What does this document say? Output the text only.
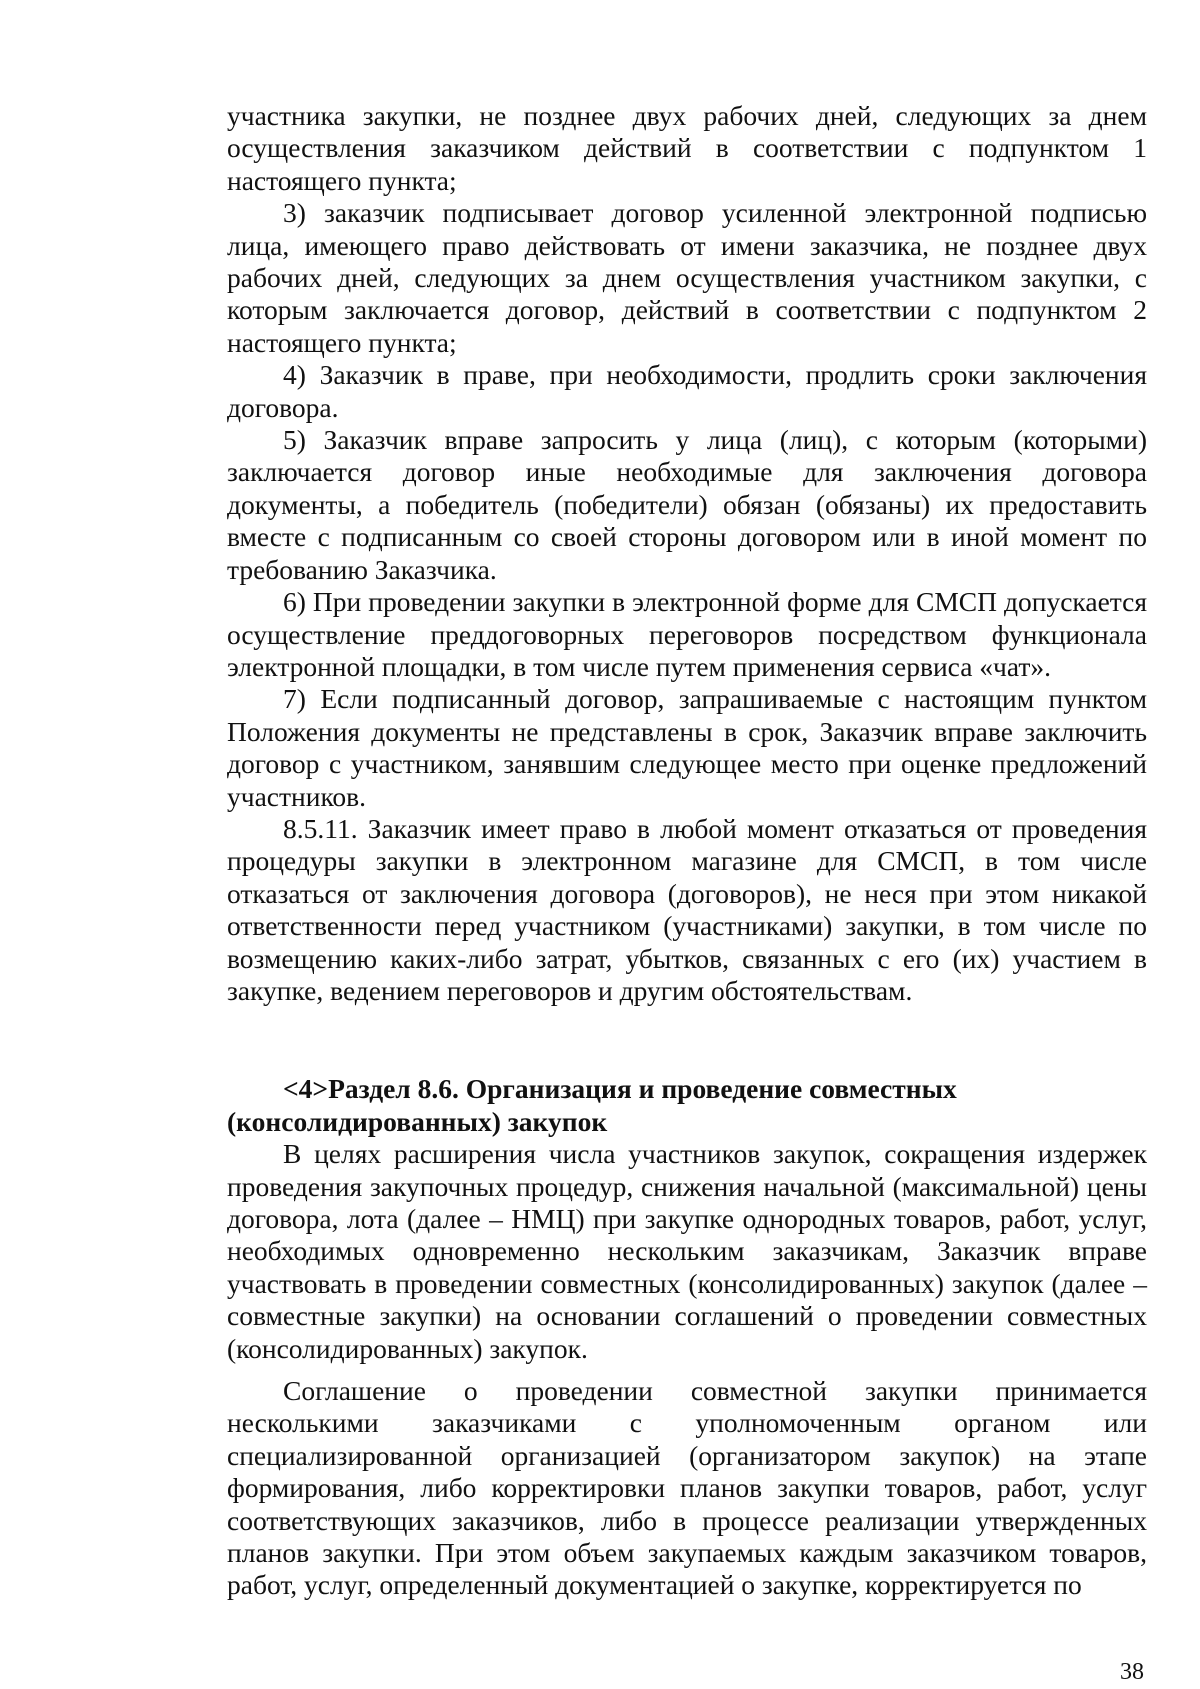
участника закупки, не позднее двух рабочих дней, следующих за днем осуществления заказчиком действий в соответствии с подпунктом 1 настоящего пункта;

3) заказчик подписывает договор усиленной электронной подписью лица, имеющего право действовать от имени заказчика, не позднее двух рабочих дней, следующих за днем осуществления участником закупки, с которым заключается договор, действий в соответствии с подпунктом 2 настоящего пункта;

4) Заказчик в праве, при необходимости, продлить сроки заключения договора.

5) Заказчик вправе запросить у лица (лиц), с которым (которыми) заключается договор иные необходимые для заключения договора документы, а победитель (победители) обязан (обязаны) их предоставить вместе с подписанным со своей стороны договором или в иной момент по требованию Заказчика.

6) При проведении закупки в электронной форме для СМСП допускается осуществление преддоговорных переговоров посредством функционала электронной площадки, в том числе путем применения сервиса «чат».

7) Если подписанный договор, запрашиваемые с настоящим пунктом Положения документы не представлены в срок, Заказчик вправе заключить договор с участником, занявшим следующее место при оценке предложений участников.

8.5.11. Заказчик имеет право в любой момент отказаться от проведения процедуры закупки в электронном магазине для СМСП, в том числе отказаться от заключения договора (договоров), не неся при этом никакой ответственности перед участником (участниками) закупки, в том числе по возмещению каких-либо затрат, убытков, связанных с его (их) участием в закупке, ведением переговоров и другим обстоятельствам.

<4>Раздел 8.6. Организация и проведение совместных (консолидированных) закупок

В целях расширения числа участников закупок, сокращения издержек проведения закупочных процедур, снижения начальной (максимальной) цены договора, лота (далее – НМЦ) при закупке однородных товаров, работ, услуг, необходимых одновременно нескольким заказчикам, Заказчик вправе участвовать в проведении совместных (консолидированных) закупок (далее – совместные закупки) на основании соглашений о проведении совместных (консолидированных) закупок.

Соглашение о проведении совместной закупки принимается несколькими заказчиками с уполномоченным органом или специализированной организацией (организатором закупок) на этапе формирования, либо корректировки планов закупки товаров, работ, услуг соответствующих заказчиков, либо в процессе реализации утвержденных планов закупки. При этом объем закупаемых каждым заказчиком товаров, работ, услуг, определенный документацией о закупке, корректируется по

38
